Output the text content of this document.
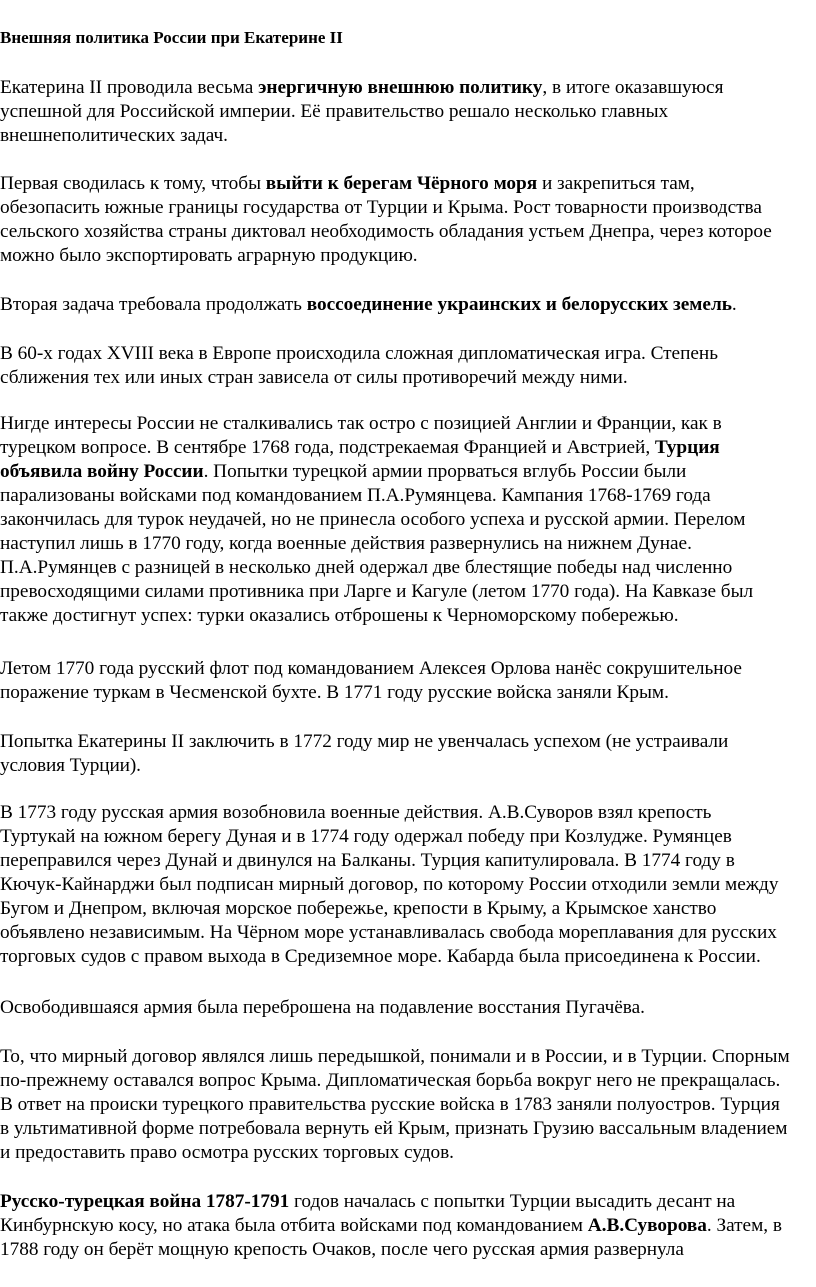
Внешняя политика России при Екатерине II

Екатерина II проводила весьма энергичную внешнюю политику, в итоге оказавшуюся
успешной для Российской империи. Её правительство решало несколько главных
внешнеполитических задач.

Первая сводилась к тому, чтобы выйти к берегам Чёрного моря и закрепиться там,
обезопасить южные границы государства от Турции и Крыма. Рост товарности производства
сельского хозяйства страны диктовал необходимость обладания устьем Днепра, через которое
можно было экспортировать аграрную продукцию.

Вторая задача требовала продолжать воссоединение украинских и белорусских земель.

В 60-х годах XVIII века в Европе происходила сложная дипломатическая игра. Степень
сближения тех или иных стран зависела от силы противоречий между ними.

Нигде интересы России не сталкивались так остро с позицией Англии и Франции, как в
турецком вопросе. В сентябре 1768 года, подстрекаемая Францией и Австрией, Турция
объявила войну России. Попытки турецкой армии прорваться вглубь России были
парализованы войсками под командованием П.А.Румянцева. Кампания 1768-1769 года
закончилась для турок неудачей, но не принесла особого успеха и русской армии. Перелом
наступил лишь в 1770 году, когда военные действия развернулись на нижнем Дунае.
П.А.Румянцев с разницей в несколько дней одержал две блестящие победы над численно
превосходящими силами противника при Ларге и Кагуле (летом 1770 года). На Кавказе был
также достигнут успех: турки оказались отброшены к Черноморскому побережью.

Летом 1770 года русский флот под командованием Алексея Орлова нанёс сокрушительное
поражение туркам в Чесменской бухте. В 1771 году русские войска заняли Крым.

Попытка Екатерины II заключить в 1772 году мир не увенчалась успехом (не устраивали
условия Турции).

В 1773 году русская армия возобновила военные действия. А.В.Суворов взял крепость
Туртукай на южном берегу Дуная и в 1774 году одержал победу при Козлудже. Румянцев
переправился через Дунай и двинулся на Балканы. Турция капитулировала. В 1774 году в
Кючук-Кайнарджи был подписан мирный договор, по которому России отходили земли между
Бугом и Днепром, включая морское побережье, крепости в Крыму, а Крымское ханство
объявлено независимым. На Чёрном море устанавливалась свобода мореплавания для русских
торговых судов с правом выхода в Средиземное море. Кабарда была присоединена к России.

Освободившаяся армия была переброшена на подавление восстания Пугачёва.

То, что мирный договор являлся лишь передышкой, понимали и в России, и в Турции. Спорным
по-прежнему оставался вопрос Крыма. Дипломатическая борьба вокруг него не прекращалась.
В ответ на происки турецкого правительства русские войска в 1783 заняли полуостров. Турция
в ультимативной форме потребовала вернуть ей Крым, признать Грузию вассальным владением
и предоставить право осмотра русских торговых судов.

Русско-турецкая война 1787-1791 годов началась с попытки Турции высадить десант на
Кинбурнскую косу, но атака была отбита войсками под командованием А.В.Суворова. Затем, в
1788 году он берёт мощную крепость Очаков, после чего русская армия развернула
